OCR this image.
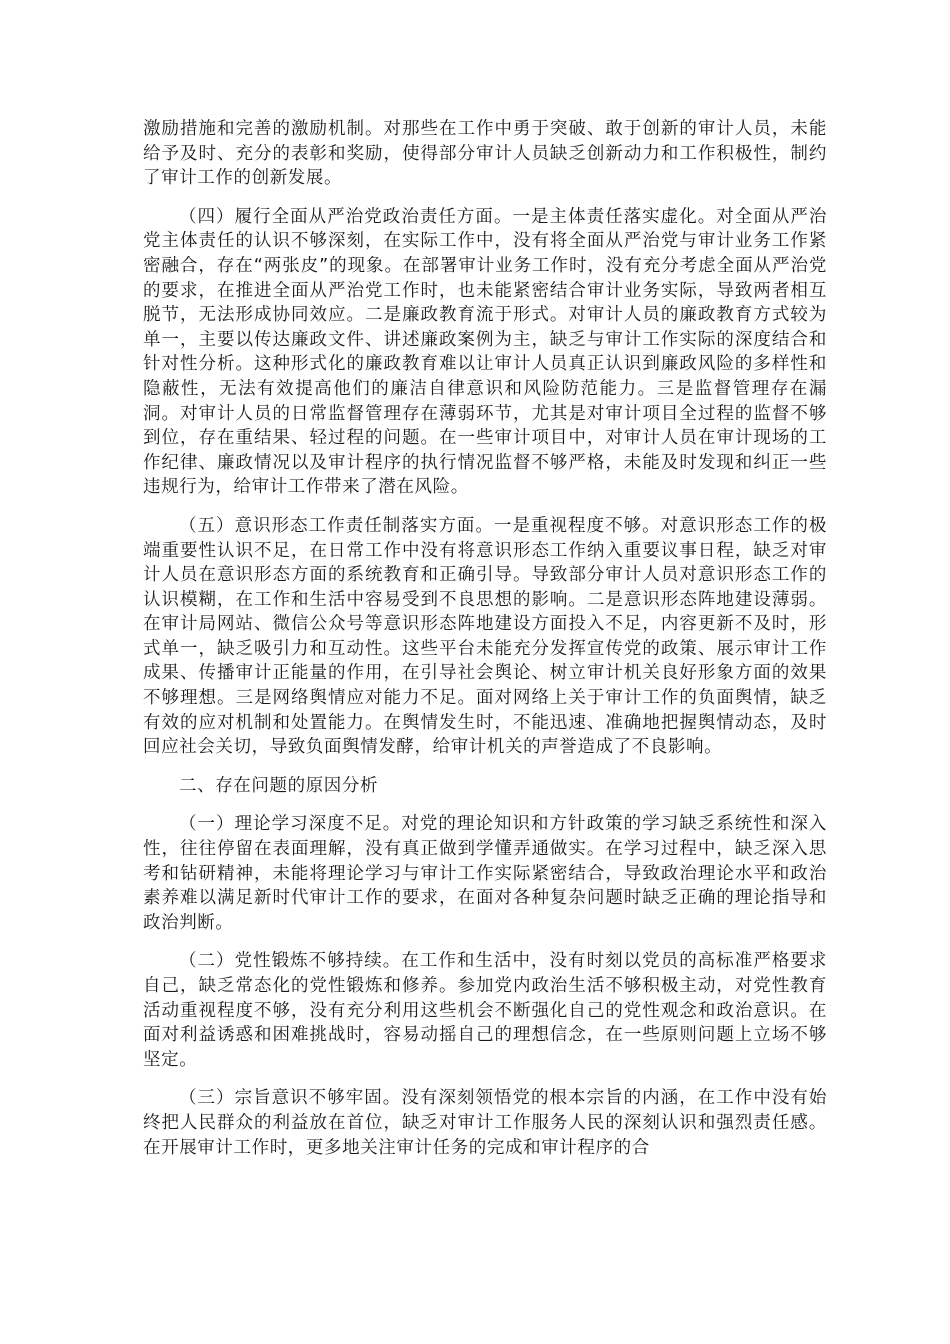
激励措施和完善的激励机制。对那些在工作中勇于突破、敢于创新的审计人员，未能给予及时、充分的表彰和奖励，使得部分审计人员缺乏创新动力和工作积极性，制约了审计工作的创新发展。

（四）履行全面从严治党政治责任方面。一是主体责任落实虚化。对全面从严治党主体责任的认识不够深刻，在实际工作中，没有将全面从严治党与审计业务工作紧密融合，存在“两张皮”的现象。在部署审计业务工作时，没有充分考虑全面从严治党的要求，在推进全面从严治党工作时，也未能紧密结合审计业务实际，导致两者相互脱节，无法形成协同效应。二是廉政教育流于形式。对审计人员的廉政教育方式较为单一，主要以传达廉政文件、讲述廉政案例为主，缺乏与审计工作实际的深度结合和针对性分析。这种形式化的廉政教育难以让审计人员真正认识到廉政风险的多样性和隐蔽性，无法有效提高他们的廉洁自律意识和风险防范能力。三是监督管理存在漏洞。对审计人员的日常监督管理存在薄弱环节，尤其是对审计项目全过程的监督不够到位，存在重结果、轻过程的问题。在一些审计项目中，对审计人员在审计现场的工作纪律、廉政情况以及审计程序的执行情况监督不够严格，未能及时发现和纠正一些违规行为，给审计工作带来了潜在风险。

（五）意识形态工作责任制落实方面。一是重视程度不够。对意识形态工作的极端重要性认识不足，在日常工作中没有将意识形态工作纳入重要议事日程，缺乏对审计人员在意识形态方面的系统教育和正确引导。导致部分审计人员对意识形态工作的认识模糊，在工作和生活中容易受到不良思想的影响。二是意识形态阵地建设薄弱。在审计局网站、微信公众号等意识形态阵地建设方面投入不足，内容更新不及时，形式单一，缺乏吸引力和互动性。这些平台未能充分发挥宣传党的政策、展示审计工作成果、传播审计正能量的作用，在引导社会舆论、树立审计机关良好形象方面的效果不够理想。三是网络舆情应对能力不足。面对网络上关于审计工作的负面舆情，缺乏有效的应对机制和处置能力。在舆情发生时，不能迅速、准确地把握舆情动态，及时回应社会关切，导致负面舆情发酵，给审计机关的声誉造成了不良影响。

二、存在问题的原因分析

（一）理论学习深度不足。对党的理论知识和方针政策的学习缺乏系统性和深入性，往往停留在表面理解，没有真正做到学懂弄通做实。在学习过程中，缺乏深入思考和钻研精神，未能将理论学习与审计工作实际紧密结合，导致政治理论水平和政治素养难以满足新时代审计工作的要求，在面对各种复杂问题时缺乏正确的理论指导和政治判断。

（二）党性锻炼不够持续。在工作和生活中，没有时刻以党员的高标准严格要求自己，缺乏常态化的党性锻炼和修养。参加党内政治生活不够积极主动，对党性教育活动重视程度不够，没有充分利用这些机会不断强化自己的党性观念和政治意识。在面对利益诱惑和困难挑战时，容易动摇自己的理想信念，在一些原则问题上立场不够坚定。

（三）宗旨意识不够牢固。没有深刻领悟党的根本宗旨的内涵，在工作中没有始终把人民群众的利益放在首位，缺乏对审计工作服务人民的深刻认识和强烈责任感。在开展审计工作时，更多地关注审计任务的完成和审计程序的合
